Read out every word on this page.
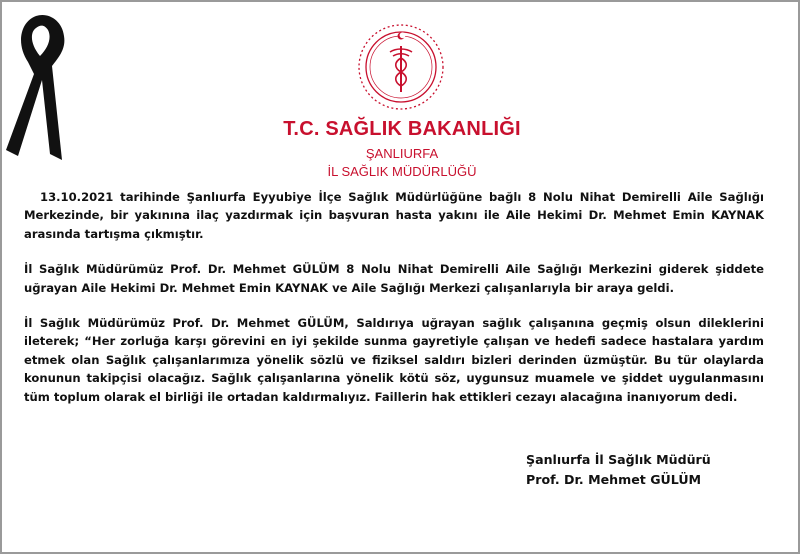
T.C. SAĞLIK BAKANLIĞI
ŞANLIURFA
İL SAĞLIK MÜDÜRLÜĞÜ

13.10.2021 tarihinde Şanlıurfa Eyyubiye İlçe Sağlık Müdürlüğüne bağlı 8 Nolu Nihat Demirelli Aile Sağlığı Merkezinde, bir yakınına ilaç yazdırmak için başvuran hasta yakını ile Aile Hekimi Dr. Mehmet Emin KAYNAK arasında tartışma çıkmıştır.

İl Sağlık Müdürümüz Prof. Dr. Mehmet GÜLÜM 8 Nolu Nihat Demirelli Aile Sağlığı Merkezini giderek şiddete uğrayan Aile Hekimi Dr. Mehmet Emin KAYNAK ve Aile Sağlığı Merkezi çalışanlarıyla bir araya geldi.

İl Sağlık Müdürümüz Prof. Dr. Mehmet GÜLÜM, Saldırıya uğrayan sağlık çalışanına geçmiş olsun dileklerini ileterek; “Her zorluğa karşı görevini en iyi şekilde sunma gayretiyle çalışan ve hedefi sadece hastalara yardım etmek olan Sağlık çalışanlarımıza yönelik sözlü ve fiziksel saldırı bizleri derinden üzmüştür. Bu tür olaylarda konunun takipçisi olacağız. Sağlık çalışanlarına yönelik kötü söz, uygunsuz muamele ve şiddet uygulanmasını tüm toplum olarak el birliği ile ortadan kaldırmalıyız. Faillerin hak ettikleri cezayı alacağına inanıyorum dedi.

Şanlıurfa İl Sağlık Müdürü
Prof. Dr. Mehmet GÜLÜM
